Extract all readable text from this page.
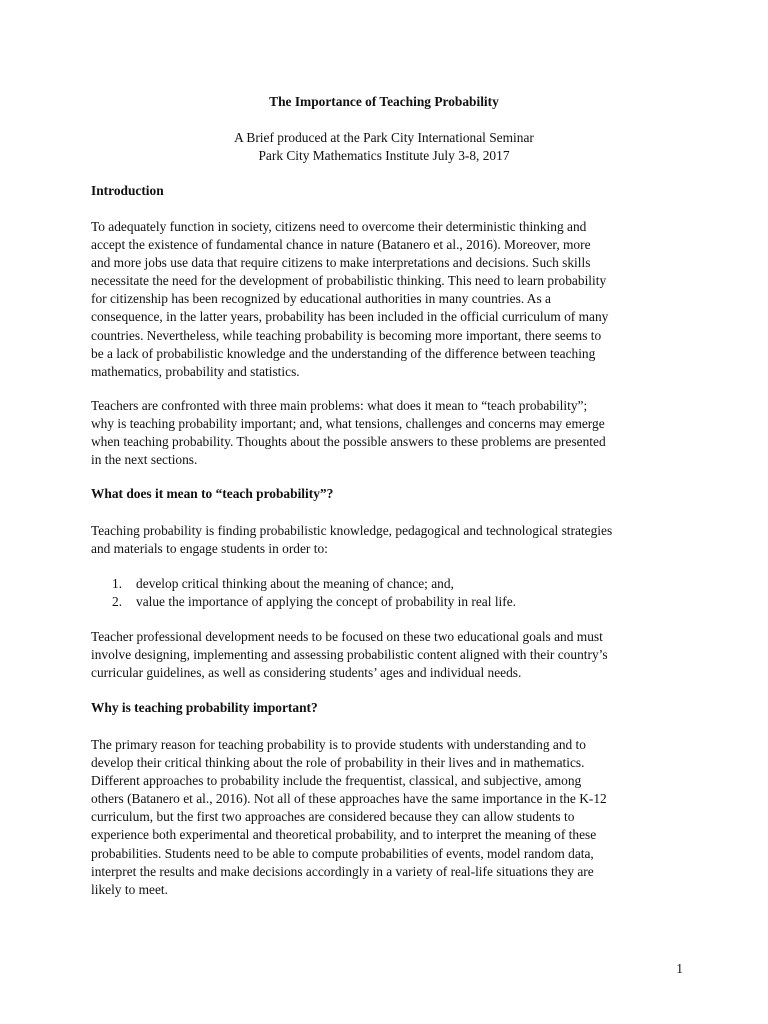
The Importance of Teaching Probability
A Brief produced at the Park City International Seminar
Park City Mathematics Institute July 3-8, 2017
Introduction
To adequately function in society, citizens need to overcome their deterministic thinking and
accept the existence of fundamental chance in nature (Batanero et al., 2016). Moreover, more
and more jobs use data that require citizens to make interpretations and decisions. Such skills
necessitate the need for the development of probabilistic thinking. This need to learn probability
for citizenship has been recognized by educational authorities in many countries. As a
consequence, in the latter years, probability has been included in the official curriculum of many
countries. Nevertheless, while teaching probability is becoming more important, there seems to
be a lack of probabilistic knowledge and the understanding of the difference between teaching
mathematics, probability and statistics.
Teachers are confronted with three main problems: what does it mean to “teach probability”;
why is teaching probability important; and, what tensions, challenges and concerns may emerge
when teaching probability. Thoughts about the possible answers to these problems are presented
in the next sections.
What does it mean to “teach probability”?
Teaching probability is finding probabilistic knowledge, pedagogical and technological strategies
and materials to engage students in order to:
1.	develop critical thinking about the meaning of chance; and,
2.	value the importance of applying the concept of probability in real life.
Teacher professional development needs to be focused on these two educational goals and must
involve designing, implementing and assessing probabilistic content aligned with their country’s
curricular guidelines, as well as considering students’ ages and individual needs.
Why is teaching probability important?
The primary reason for teaching probability is to provide students with understanding and to
develop their critical thinking about the role of probability in their lives and in mathematics.
Different approaches to probability include the frequentist, classical, and subjective, among
others (Batanero et al., 2016). Not all of these approaches have the same importance in the K-12
curriculum, but the first two approaches are considered because they can allow students to
experience both experimental and theoretical probability, and to interpret the meaning of these
probabilities. Students need to be able to compute probabilities of events, model random data,
interpret the results and make decisions accordingly in a variety of real-life situations they are
likely to meet.
1
